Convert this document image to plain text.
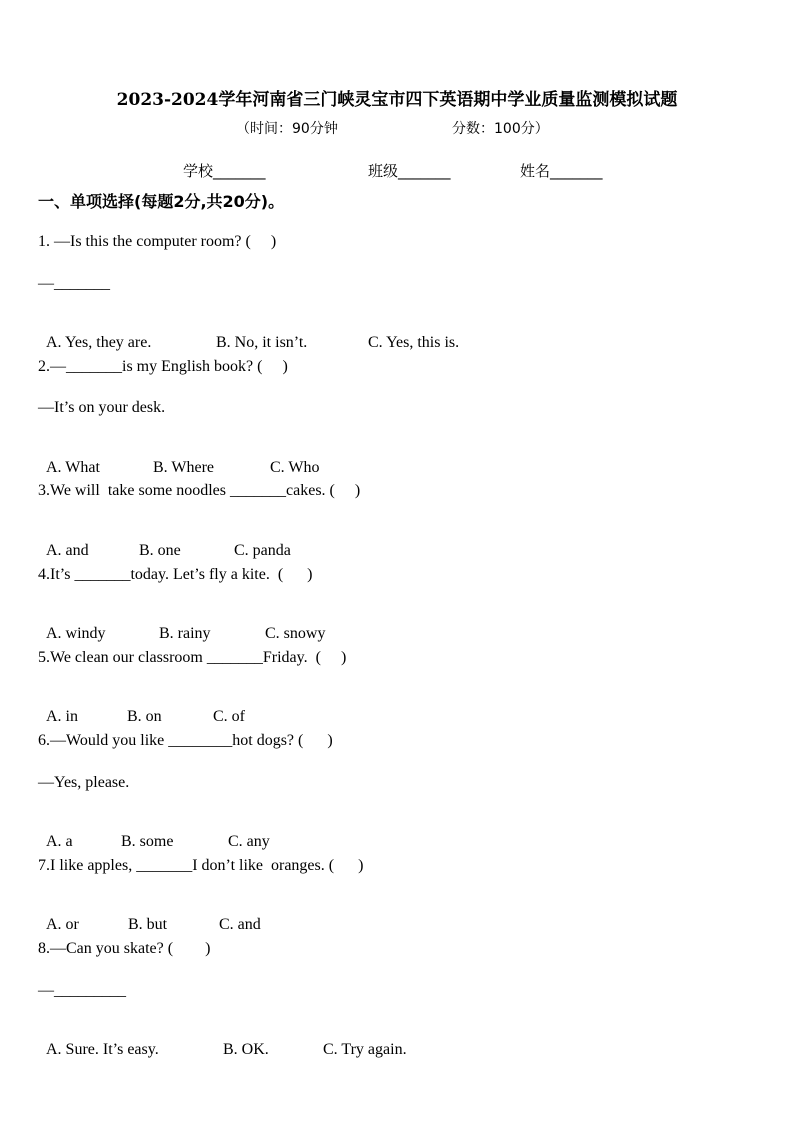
2023-2024学年河南省三门峡灵宝市四下英语期中学业质量监测模拟试题
（时间：90分钟	分数：100分）
学校_______	班级_______	姓名_______
一、单项选择(每题2分,共20分)。
1. —Is this the computer room? (     )
—_______

A. Yes, they are.	B. No, it isn’t.	C. Yes, this is.

2.—_______is my English book? (     )
—It’s on your desk.

A. What	B. Where	C. Who

3.We will  take some noodles _______cakes. (     )

A. and	B. one	C. panda

4.It’s _______today. Let’s fly a kite.  (      )

A. windy	B. rainy	C. snowy

5.We clean our classroom _______Friday.  (     )

A. in	B. on	C. of

6.—Would you like ________hot dogs? (      )
—Yes, please.

A. a	B. some	C. any

7.I like apples, _______I don’t like  oranges. (      )

A. or	B. but	C. and

8.—Can you skate? (        )
—_________

A. Sure. It’s easy.	B. OK.	C. Try again.
